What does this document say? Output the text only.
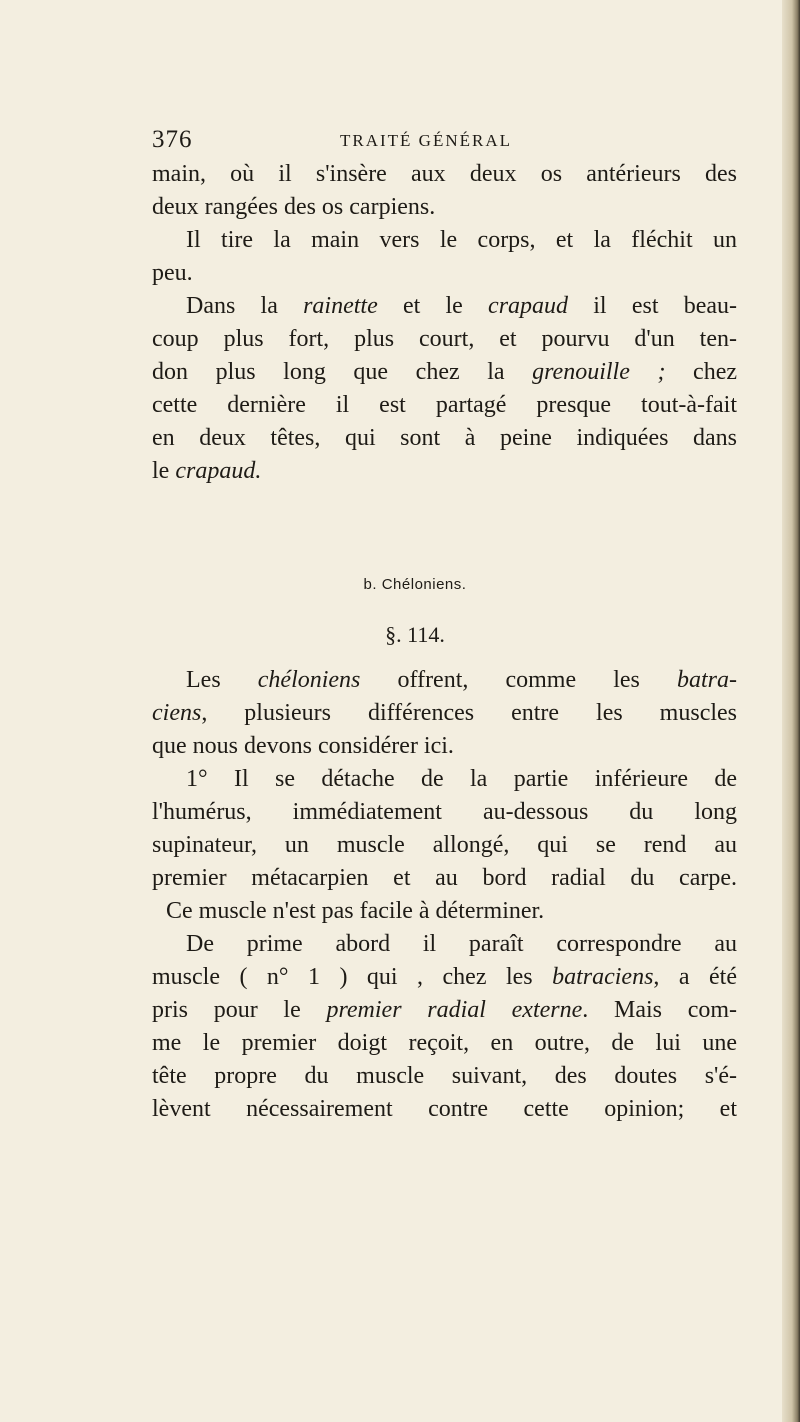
376	TRAITÉ GÉNÉRAL
main, où il s'insère aux deux os antérieurs des
deux rangées des os carpiens.
Il tire la main vers le corps, et la fléchit un
peu.
Dans la rainette et le crapaud il est beau-
coup plus fort, plus court, et pourvu d'un ten-
don plus long que chez la grenouille ; chez
cette dernière il est partagé presque tout-à-fait
en deux têtes, qui sont à peine indiquées dans
le crapaud.
b. Chéloniens.
§. 114.
Les chéloniens offrent, comme les batra-
ciens, plusieurs différences entre les muscles
que nous devons considérer ici.
1° Il se détache de la partie inférieure de
l'humérus, immédiatement au-dessous du long
supinateur, un muscle allongé, qui se rend au
premier métacarpien et au bord radial du carpe.
Ce muscle n'est pas facile à déterminer.
De prime abord il paraît correspondre au
muscle ( n° 1 ) qui , chez les batraciens, a été
pris pour le premier radial externe. Mais com-
me le premier doigt reçoit, en outre, de lui une
tête propre du muscle suivant, des doutes s'é-
lèvent nécessairement contre cette opinion; et
